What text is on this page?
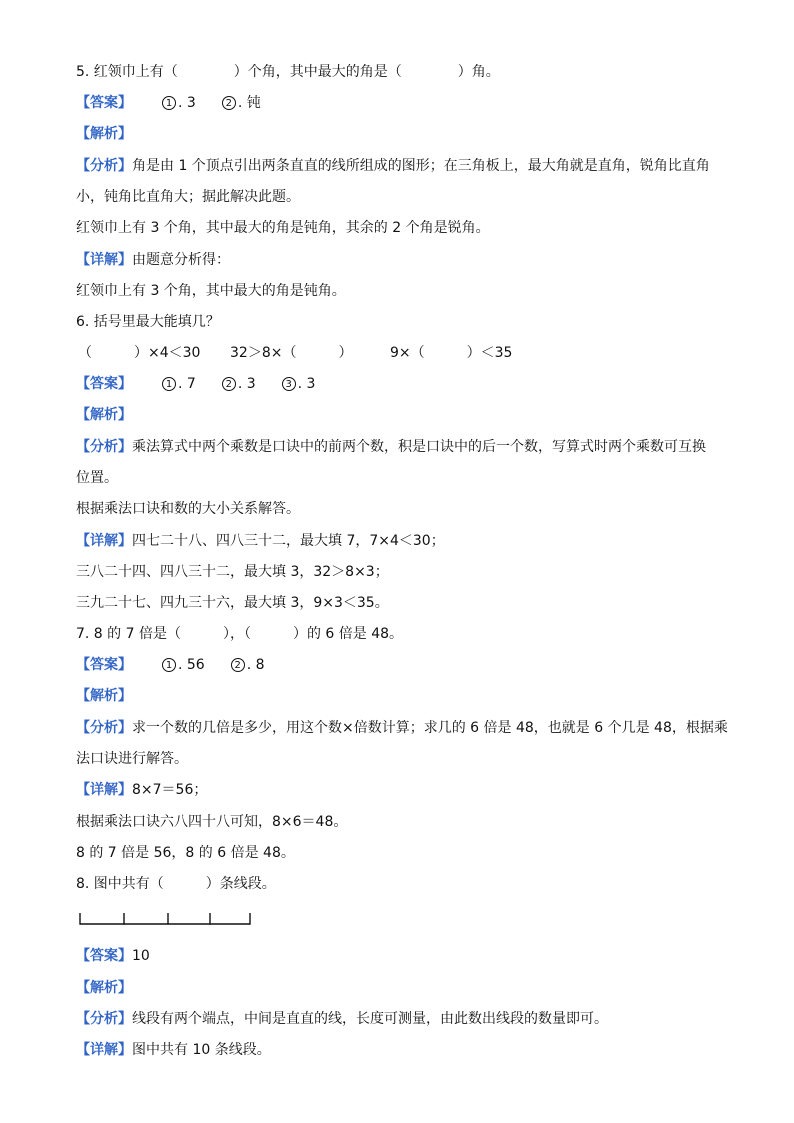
5. 红领巾上有（　　　　）个角，其中最大的角是（　　　　）角。
【答案】	1 . 3	2 . 钝
【解析】
【分析】角是由 1 个顶点引出两条直直的线所组成的图形；在三角板上，最大角就是直角，锐角比直角
小，钝角比直角大；据此解决此题。
红领巾上有 3 个角，其中最大的角是钝角，其余的 2 个角是锐角。
【详解】由题意分析得：
红领巾上有 3 个角，其中最大的角是钝角。
6. 括号里最大能填几？
（　　　）×4＜30 32＞8×（　　　）	9×（　　　）＜35
【答案】	1 . 7	2 . 3	3 . 3
【解析】
【分析】乘法算式中两个乘数是口诀中的前两个数，积是口诀中的后一个数，写算式时两个乘数可互换
位置。
根据乘法口诀和数的大小关系解答。
【详解】四七二十八、四八三十二，最大填 7，7×4＜30；
三八二十四、四八三十二，最大填 3，32＞8×3；
三九二十七、四九三十六，最大填 3，9×3＜35。
7. 8 的 7 倍是（　　　），（　　　）的 6 倍是 48。
【答案】	1 . 56	2 . 8
【解析】
【分析】求一个数的几倍是多少，用这个数×倍数计算；求几的 6 倍是 48，也就是 6 个几是 48，根据乘
法口诀进行解答。
【详解】8×7＝56；
根据乘法口诀六八四十八可知，8×6＝48。
8 的 7 倍是 56，8 的 6 倍是 48。
8. 图中共有（　　　）条线段。
【答案】10
【解析】
【分析】线段有两个端点，中间是直直的线，长度可测量，由此数出线段的数量即可。
【详解】图中共有 10 条线段。
